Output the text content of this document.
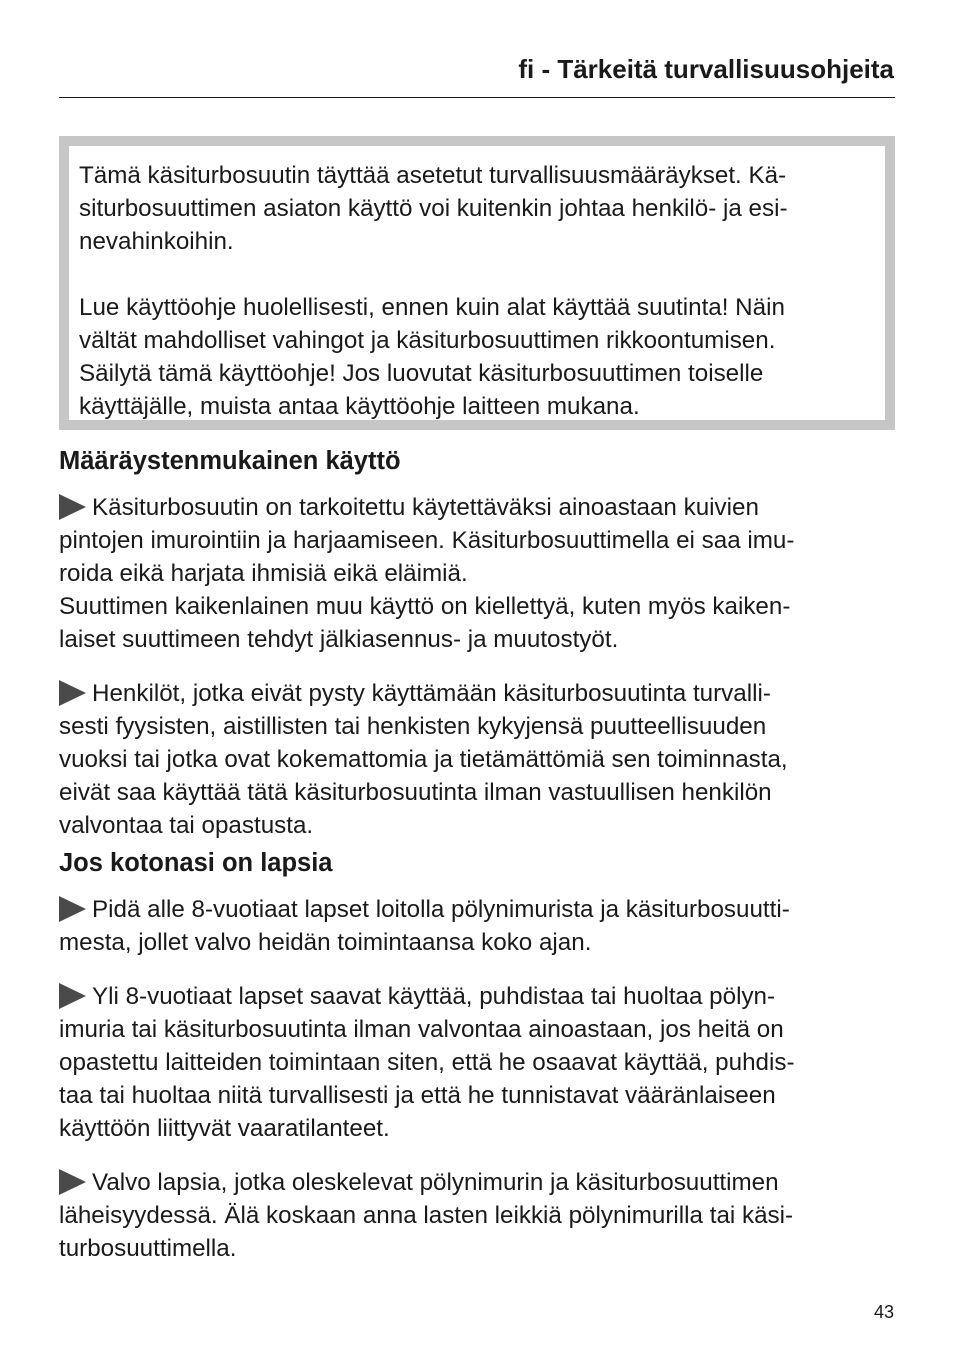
fi - Tärkeitä turvallisuusohjeita

Tämä käsiturbosuutin täyttää asetetut turvallisuusmääräykset. Kä-
siturbosuuttimen asiaton käyttö voi kuitenkin johtaa henkilö- ja esi-
nevahinkoihin.

Lue käyttöohje huolellisesti, ennen kuin alat käyttää suutinta! Näin
vältät mahdolliset vahingot ja käsiturbosuuttimen rikkoontumisen.
Säilytä tämä käyttöohje! Jos luovutat käsiturbosuuttimen toiselle
käyttäjälle, muista antaa käyttöohje laitteen mukana.

Määräystenmukainen käyttö

Käsiturbosuutin on tarkoitettu käytettäväksi ainoastaan kuivien
pintojen imurointiin ja harjaamiseen. Käsiturbosuuttimella ei saa imu-
roida eikä harjata ihmisiä eikä eläimiä.
Suuttimen kaikenlainen muu käyttö on kiellettyä, kuten myös kaiken-
laiset suuttimeen tehdyt jälkiasennus- ja muutostyöt.

Henkilöt, jotka eivät pysty käyttämään käsiturbosuutinta turvalli-
sesti fyysisten, aistillisten tai henkisten kykyjensä puutteellisuuden
vuoksi tai jotka ovat kokemattomia ja tietämättömiä sen toiminnasta,
eivät saa käyttää tätä käsiturbosuutinta ilman vastuullisen henkilön
valvontaa tai opastusta.

Jos kotonasi on lapsia

Pidä alle 8-vuotiaat lapset loitolla pölynimurista ja käsiturbosuutti-
mesta, jollet valvo heidän toimintaansa koko ajan.

Yli 8-vuotiaat lapset saavat käyttää, puhdistaa tai huoltaa pölyn-
imuria tai käsiturbosuutinta ilman valvontaa ainoastaan, jos heitä on
opastettu laitteiden toimintaan siten, että he osaavat käyttää, puhdis-
taa tai huoltaa niitä turvallisesti ja että he tunnistavat vääränlaiseen
käyttöön liittyvät vaaratilanteet.

Valvo lapsia, jotka oleskelevat pölynimurin ja käsiturbosuuttimen
läheisyydessä. Älä koskaan anna lasten leikkiä pölynimurilla tai käsi-
turbosuuttimella.

43
